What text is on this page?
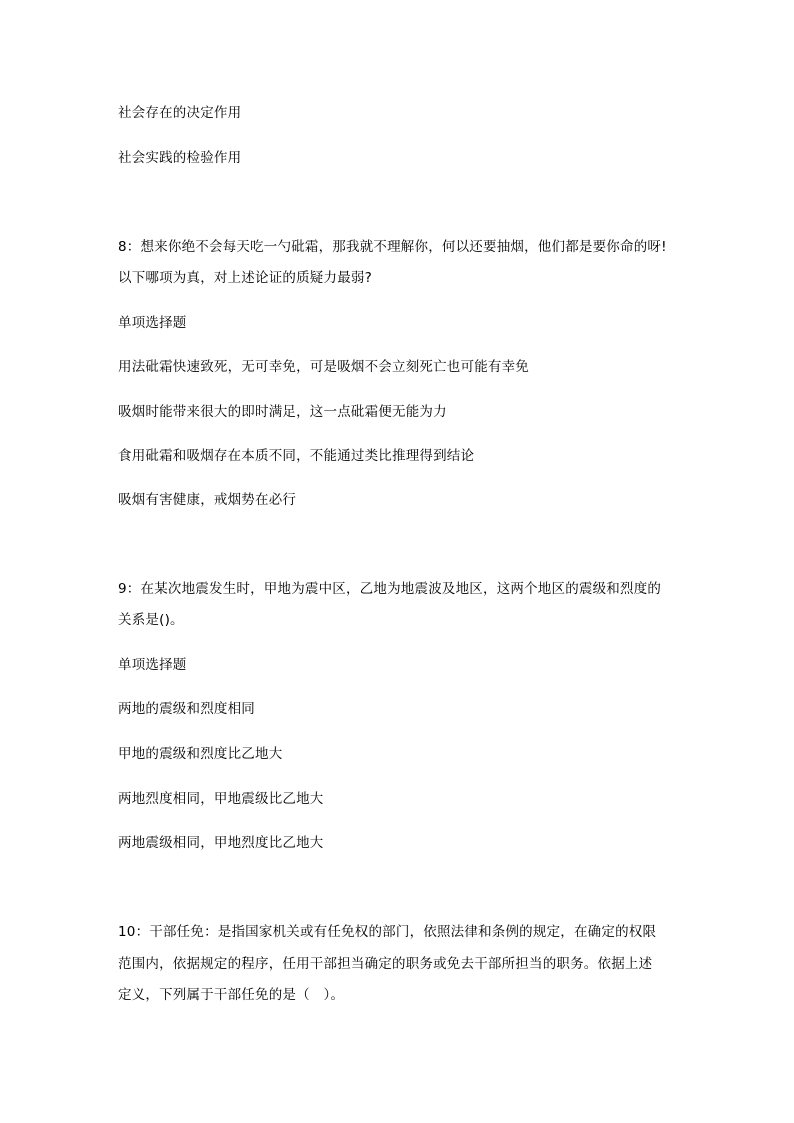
社会存在的决定作用
社会实践的检验作用
8：想来你绝不会每天吃一勺砒霜，那我就不理解你，何以还要抽烟，他们都是要你命的呀!
以下哪项为真，对上述论证的质疑力最弱?
单项选择题
用法砒霜快速致死，无可幸免，可是吸烟不会立刻死亡也可能有幸免
吸烟时能带来很大的即时满足，这一点砒霜便无能为力
食用砒霜和吸烟存在本质不同，不能通过类比推理得到结论
吸烟有害健康，戒烟势在必行
9：在某次地震发生时，甲地为震中区，乙地为地震波及地区，这两个地区的震级和烈度的
关系是()。
单项选择题
两地的震级和烈度相同
甲地的震级和烈度比乙地大
两地烈度相同，甲地震级比乙地大
两地震级相同，甲地烈度比乙地大
10：干部任免：是指国家机关或有任免权的部门，依照法律和条例的规定，在确定的权限
范围内，依据规定的程序，任用干部担当确定的职务或免去干部所担当的职务。依据上述
定义，下列属于干部任免的是（　）。
